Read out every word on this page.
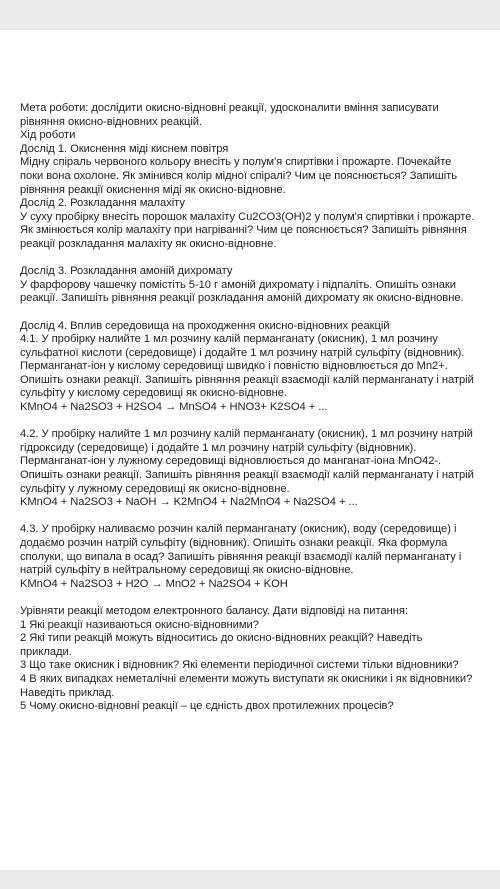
Мета роботи: дослідити окисно-відновні реакції, удосконалити вміння записувати
рівняння окисно-відновних реакцій.
Хід роботи
Дослід 1. Окиснення міді киснем повітря
Мідну спіраль червоного кольору внесіть у полум'я спиртівки і прожарте. Почекайте
поки вона охолоне. Як змінився колір мідної спіралі? Чим це пояснюється? Запишіть
рівняння реакції окиснення міді як окисно-відновне.
Дослід 2. Розкладання малахіту
У суху пробірку внесіть порошок малахіту Cu2CO3(OH)2 у полум'я спиртівки і прожарте.
Як змінюється колір малахіту при нагріванні? Чим це пояснюється? Запишіть рівняння
реакції розкладання малахіту як окисно-відновне.
Дослід 3. Розкладання амоній дихромату
У фарфорову чашечку помістіть 5-10 г амоній дихромату і підпаліть. Опишіть ознаки
реакції. Запишіть рівняння реакції розкладання амоній дихромату як окисно-відновне.
Дослід 4. Вплив середовища на проходження окисно-відновних реакцій
4.1. У пробірку налийте 1 мл розчину калій перманганату (окисник), 1 мл розчину
сульфатної кислоти (середовище) і додайте 1 мл розчину натрій сульфіту (відновник).
Перманганат-іон у кислому середовищі швидко і повністю відновлюється до Mn2+.
Опишіть ознаки реакції. Запишіть рівняння реакції взаємодії калій перманганату і натрій
сульфіту у кислому середовищі як окисно-відновне.
KMnO4 + Na2SO3 + H2SO4 → MnSO4 + HNO3+ K2SO4 + ...
4.2. У пробірку налийте 1 мл розчину калій перманганату (окисник), 1 мл розчину натрій
гідроксиду (середовище) і додайте 1 мл розчину натрій сульфіту (відновник).
Перманганат-іон у лужному середовищі відновлюється до манганат-іона MnO42-.
Опишіть ознаки реакції. Запишіть рівняння реакції взаємодії калій перманганату і натрій
сульфіту у лужному середовищі як окисно-відновне.
KMnO4 + Na2SO3 + NaOH → K2MnO4 + Na2MnO4 + Na2SO4 + ...
4.3. У пробірку наливаємо розчин калій перманганату (окисник), воду (середовище) і
додаємо розчин натрій сульфіту (відновник). Опишіть ознаки реакції. Яка формула
сполуки, що випала в осад? Запишіть рівняння реакції взаємодії калій перманганату і
натрій сульфіту в нейтральному середовищі як окисно-відновне.
KMnO4 + Na2SO3 + H2O → MnO2 + Na2SO4 + KOH
Урівняти реакції методом електронного балансу. Дати відповіді на питання:
1 Які реакції називаються окисно-відновними?
2 Які типи реакцій можуть відноситись до окисно-відновних реакцій? Наведіть
приклади.
3 Що таке окисник і відновник? Які елементи періодичної системи тільки відновники?
4 В яких випадках неметалічні елементи можуть виступати як окисники і як відновники?
Наведіть приклад.
5 Чому окисно-відновні реакції – це єдність двох протилежних процесів?
